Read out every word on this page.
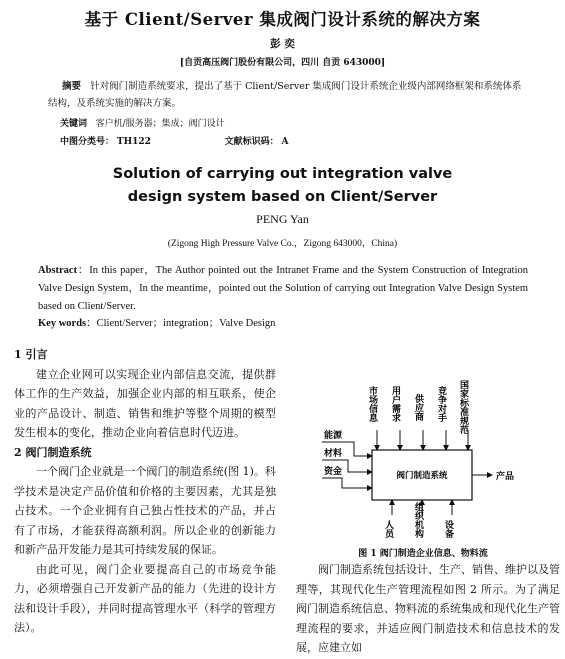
基于 Client/Server 集成阀门设计系统的解决方案
彭 奕
[自贡高压阀门股份有限公司，四川 自贡 643000]
摘要 针对阀门制造系统要求，提出了基于 Client/Server 集成阀门设计系统企业级内部网络框架和系统体系结构，及系统实施的解决方案。
关键词 客户机/服务器；集成；阀门设计
中图分类号： TH122	文献标识码： A
Solution of carrying out integration valve
design system based on Client/Server
PENG Yan
(Zigong High Pressure Valve Co.，Zigong 643000，China)
Abstract：In this paper，The Author pointed out the Intranet Frame and the System Construction of Integration Valve Design System，In the meantime，pointed out the Solution of carrying out Integration Valve Design System based on Client/Server.
Key words：Client/Server；integration；Valve Design
1 引言
建立企业网可以实现企业内部信息交流，提供群体工作的生产效益，加强企业内部的相互联系，使企业的产品设计、制造、销售和维护等整个周期的模型发生根本的变化，推动企业向着信息时代迈进。
2 阀门制造系统
一个阀门企业就是一个阀门的制造系统(图 1)。科学技术是决定产品价值和价格的主要因素，尤其是独占技术。一个企业拥有自己独占性技术的产品，并占有了市场，才能获得高额利润。所以企业的创新能力和新产品开发能力是其可持续发展的保证。
由此可见，阀门企业要提高自己的市场竞争能力，必须增强自己开发新产品的能力（先进的设计方法和设计手段），并同时提高管理水平（科学的管理方法）。
阀门制造系统
市场信息 用户需求 供应商 竞争对手 国家标准规范
能源
材料
资金	产品
人员 组织机构 设备
图 1 阀门制造企业信息、物料流
阀门制造系统包括设计、生产、销售、维护以及管理等，其现代化生产管理流程如图 2 所示。为了满足阀门制造系统信息、物料流的系统集成和现代化生产管理流程的要求，并适应阀门制造技术和信息技术的发展，应建立如
